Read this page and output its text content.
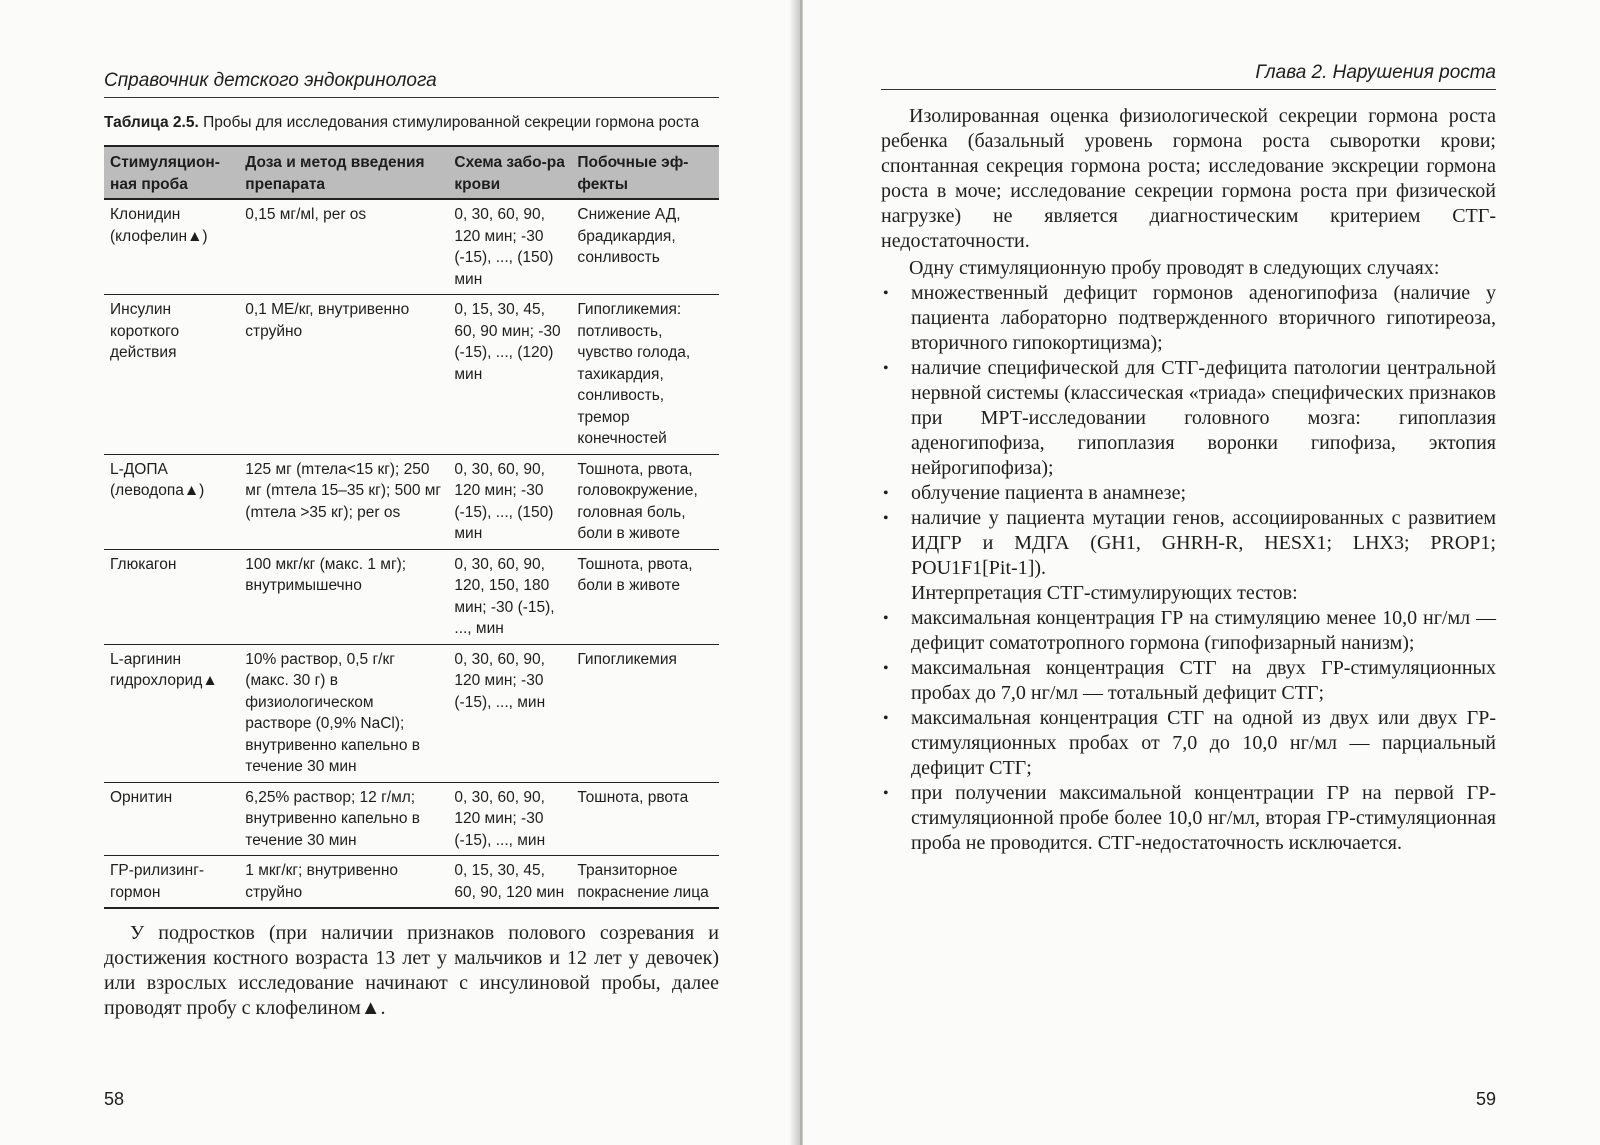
Справочник детского эндокринолога
Таблица 2.5. Пробы для исследования стимулированной секреции гормона роста
Стимуляцион-ная проба	Доза и метод введения препарата	Схема забо-ра крови	Побочные эф-фекты
Клонидин (клофелин▲)	0,15 мг/мl, per os	0, 30, 60, 90, 120 мин; -30 (-15), ..., (150) мин	Снижение АД, брадикардия, сонливость
Инсулин короткого действия	0,1 МЕ/кг, внутривенно струйно	0, 15, 30, 45, 60, 90 мин; -30 (-15), ..., (120) мин	Гипогликемия: потливость, чувство голода, тахикардия, сонливость, тремор конечностей
L-ДОПА (леводопа▲)	125 мг (mтела<15 кг); 250 мг (mтела 15–35 кг); 500 мг (mтела >35 кг); per os	0, 30, 60, 90, 120 мин; -30 (-15), ..., (150) мин	Тошнота, рвота, головокружение, головная боль, боли в животе
Глюкагон	100 мкг/кг (макс. 1 мг); внутримышечно	0, 30, 60, 90, 120, 150, 180 мин; -30 (-15), ..., мин	Тошнота, рвота, боли в животе
L-аргинин гидрохлорид▲	10% раствор, 0,5 г/кг (макс. 30 г) в физиологическом растворе (0,9% NaCl); внутривенно капельно в течение 30 мин	0, 30, 60, 90, 120 мин; -30 (-15), ..., мин	Гипогликемия
Орнитин	6,25% раствор; 12 г/мл; внутривенно капельно в течение 30 мин	0, 30, 60, 90, 120 мин; -30 (-15), ..., мин	Тошнота, рвота
ГР-рилизинг-гормон	1 мкг/кг; внутривенно струйно	0, 15, 30, 45, 60, 90, 120 мин	Транзиторное покраснение лица

У подростков (при наличии признаков полового созревания и достижения костного возраста 13 лет у мальчиков и 12 лет у девочек) или взрослых исследование начинают с инсулиновой пробы, далее проводят пробу с клофелином▲.

58
Глава 2. Нарушения роста

Изолированная оценка физиологической секреции гормона роста ребенка (базальный уровень гормона роста сыворотки крови; спонтанная секреция гормона роста; исследование экскреции гормона роста в моче; исследование секреции гормона роста при физической нагрузке) не является диагностическим критерием СТГ-недостаточности.

Одну стимуляционную пробу проводят в следующих случаях:

• множественный дефицит гормонов аденогипофиза (наличие у пациента лабораторно подтвержденного вторичного гипотиреоза, вторичного гипокортицизма);
• наличие специфической для СТГ-дефицита патологии центральной нервной системы (классическая «триада» специфических признаков при МРТ-исследовании головного мозга: гипоплазия аденогипофиза, гипоплазия воронки гипофиза, эктопия нейрогипофиза);
• облучение пациента в анамнезе;
• наличие у пациента мутации генов, ассоциированных с развитием ИДГР и МДГА (GH1, GHRH-R, HESX1; LHX3; PROP1; POU1F1[Pit-1]).

Интерпретация СТГ-стимулирующих тестов:

• максимальная концентрация ГР на стимуляцию менее 10,0 нг/мл — дефицит соматотропного гормона (гипофизарный нанизм);
• максимальная концентрация СТГ на двух ГР-стимуляционных пробах до 7,0 нг/мл — тотальный дефицит СТГ;
• максимальная концентрация СТГ на одной из двух или двух ГР-стимуляционных пробах от 7,0 до 10,0 нг/мл — парциальный дефицит СТГ;
• при получении максимальной концентрации ГР на первой ГР-стимуляционной пробе более 10,0 нг/мл, вторая ГР-стимуляционная проба не проводится. СТГ-недостаточность исключается.
59
